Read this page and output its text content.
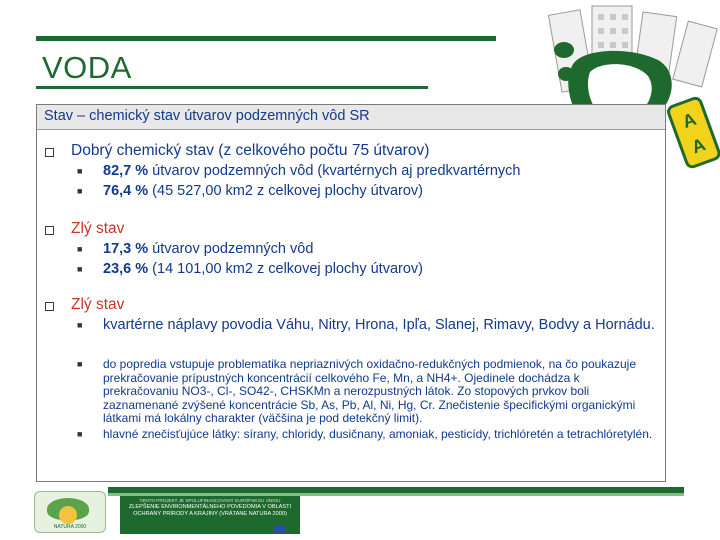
VODA
A
A
Stav – chemický stav útvarov podzemných vôd SR
Dobrý chemický stav (z celkového počtu 75 útvarov)
■ 82,7 % útvarov podzemných vôd (kvartérnych aj predkvartérnych
■ 76,4 % (45 527,00 km2 z celkovej plochy útvarov)
Zlý stav
■ 17,3 % útvarov podzemných vôd
■ 23,6 % (14 101,00 km2 z celkovej plochy útvarov)
Zlý stav
■ kvartérne náplavy povodia Váhu, Nitry, Hrona, Ipľa, Slanej, Rimavy, Bodvy a Hornádu.
■ do popredia vstupuje problematika nepriaznivých oxidačno-redukčných podmienok, na čo poukazuje prekračovanie prípustných koncentrácií celkového Fe, Mn, a NH4+. Ojedinele dochádza k prekračovaniu NO3-, Cl-, SO42-, CHSKMn a nerozpustných látok. Zo stopových prvkov boli zaznamenané zvýšené koncentrácie Sb, As, Pb, Al, Ni, Hg, Cr. Znečistenie špecifickými organickými látkami má lokálny charakter (väčšina je pod detekčný limit).
■ hlavné znečisťujúce látky: sírany, chloridy, dusičnany, amoniak, pesticídy, trichlóretén a tetrachlóretylén.
NATURA 2000
TENTO PROJEKT JE SPOLUFINANCOVANÝ EURÓPSKOU ÚNIOU
ZLEPŠENIE ENVIRONMENTÁLNEHO POVEDOMIA V OBLASTI OCHRANY PRÍRODY A KRAJINY (VRÁTANE NATURA 2000)
